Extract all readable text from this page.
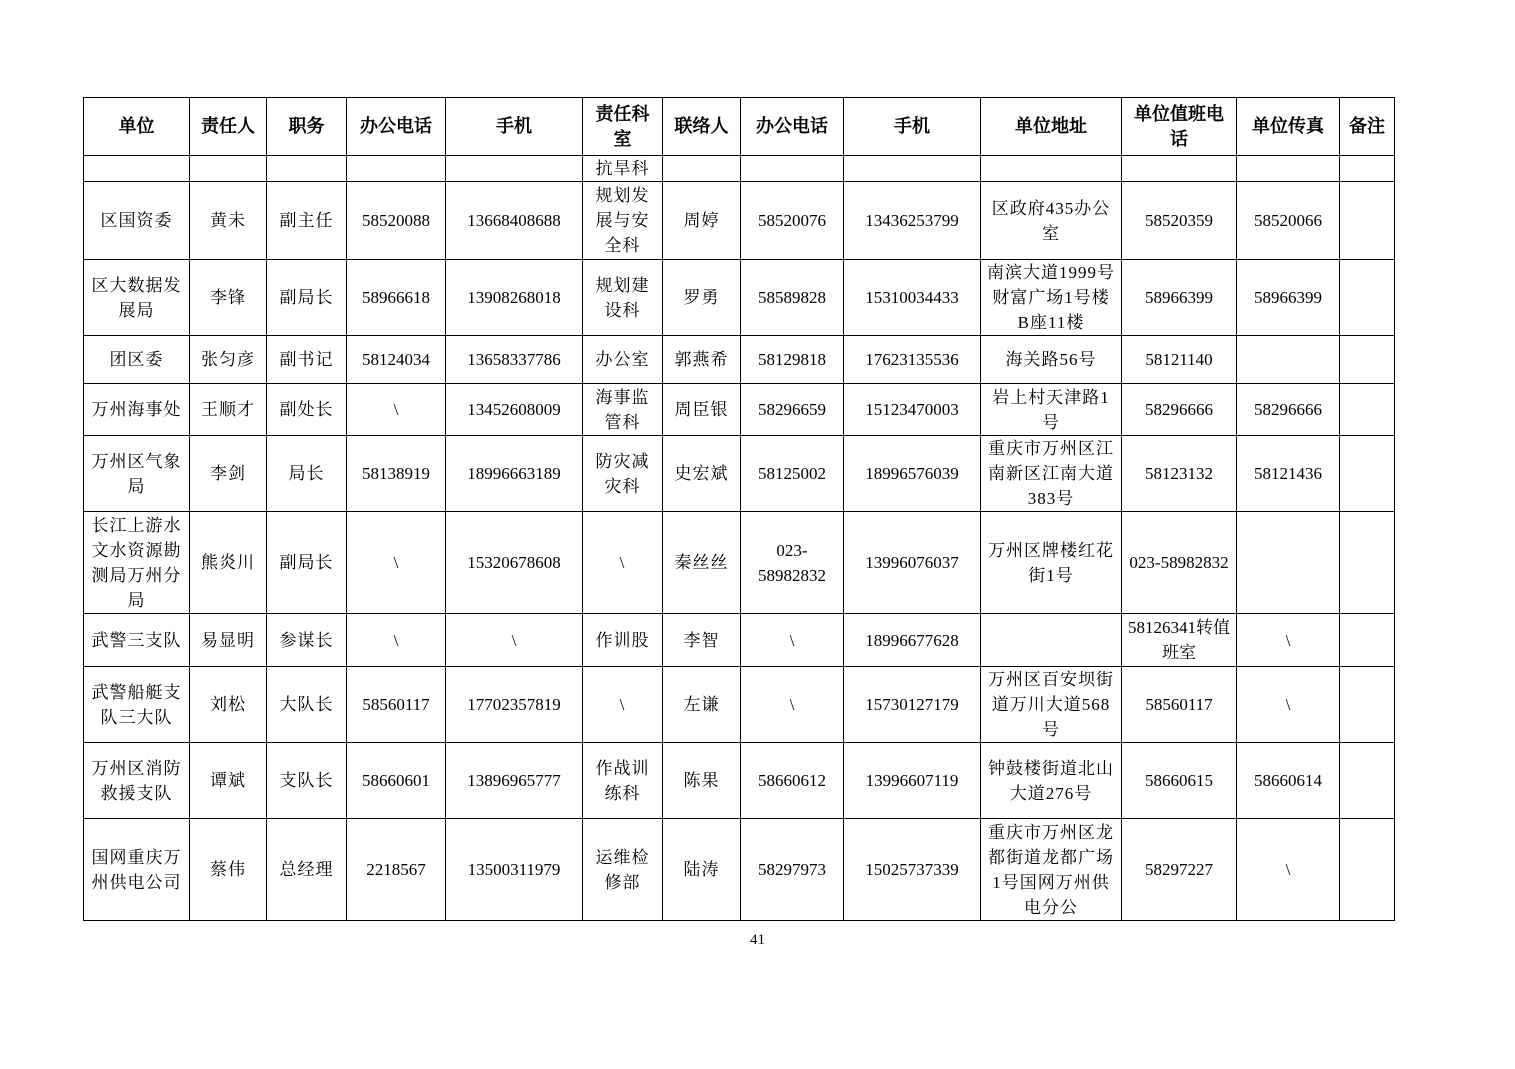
单位	责任人	职务	办公电话	手机	责任科室	联络人	办公电话	手机	单位地址	单位值班电话	单位传真	备注
					抗旱科							
区国资委	黄未	副主任	58520088	13668408688	规划发展与安全科	周婷	58520076	13436253799	区政府435办公室	58520359	58520066	
区大数据发展局	李锋	副局长	58966618	13908268018	规划建设科	罗勇	58589828	15310034433	南滨大道1999号财富广场1号楼B座11楼	58966399	58966399	
团区委	张匀彦	副书记	58124034	13658337786	办公室	郭燕希	58129818	17623135536	海关路56号	58121140		
万州海事处	王顺才	副处长	\	13452608009	海事监管科	周臣银	58296659	15123470003	岩上村天津路1号	58296666	58296666	
万州区气象局	李剑	局长	58138919	18996663189	防灾减灾科	史宏斌	58125002	18996576039	重庆市万州区江南新区江南大道383号	58123132	58121436	
长江上游水文水资源勘测局万州分局	熊炎川	副局长	\	15320678608	\	秦丝丝	023-58982832	13996076037	万州区牌楼红花街1号	023-58982832		
武警三支队	易显明	参谋长	\	\	作训股	李智	\	18996677628		58126341转值班室	\	
武警船艇支队三大队	刘松	大队长	58560117	17702357819	\	左谦	\	15730127179	万州区百安坝街道万川大道568号	58560117	\	
万州区消防救援支队	谭斌	支队长	58660601	13896965777	作战训练科	陈果	58660612	13996607119	钟鼓楼街道北山大道276号	58660615	58660614	
国网重庆万州供电公司	蔡伟	总经理	2218567	13500311979	运维检修部	陆涛	58297973	15025737339	重庆市万州区龙都街道龙都广场1号国网万州供电分公	58297227	\	
41
